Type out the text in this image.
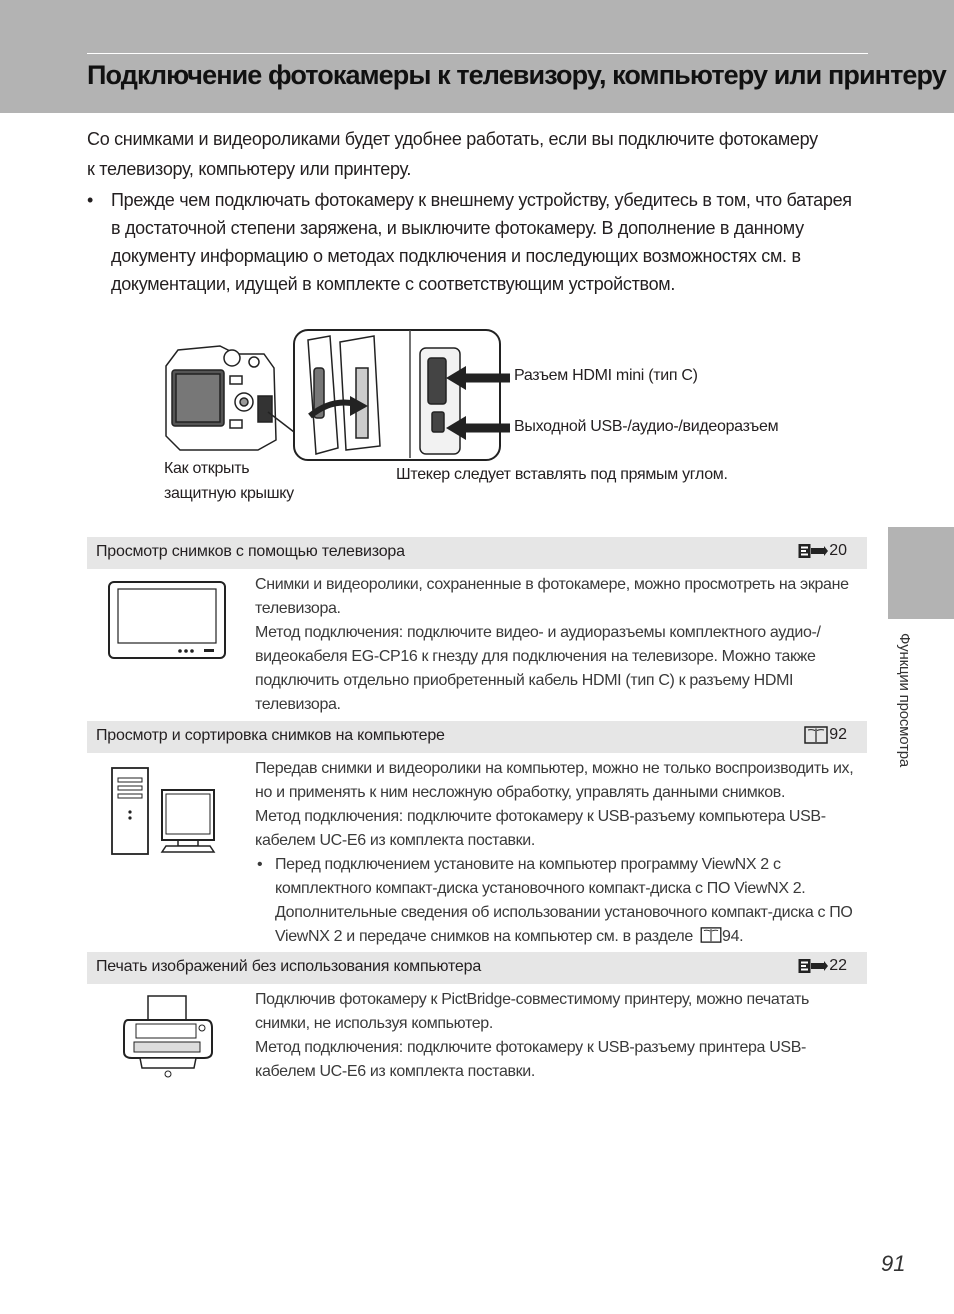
Подключение фотокамеры к телевизору, компьютеру или принтеру
Со снимками и видеороликами будет удобнее работать, если вы подключите фотокамеру
к телевизору, компьютеру или принтеру.
• Прежде чем подключать фотокамеру к внешнему устройству, убедитесь в том, что батарея в достаточной степени заряжена, и выключите фотокамеру. В дополнение в данному документу информацию о методах подключения и последующих возможностях см. в документации, идущей в комплекте с соответствующим устройством.
Разъем HDMI mini (тип C)
Выходной USB-/аудио-/видеоразъем
Как открыть
защитную крышку
Штекер следует вставлять под прямым углом.
Просмотр снимков с помощью телевизора	20

Снимки и видеоролики, сохраненные в фотокамере, можно просмотреть на экране телевизора.

Метод подключения: подключите видео- и аудиоразъемы комплектного аудио-/видеокабеля EG-CP16 к гнезду для подключения на телевизоре. Можно также подключить отдельно приобретенный кабель HDMI (тип C) к разъему HDMI телевизора.

Просмотр и сортировка снимков на компьютере	92

Передав снимки и видеоролики на компьютер, можно не только воспроизводить их, но и применять к ним несложную обработку, управлять данными снимков.

Метод подключения: подключите фотокамеру к USB-разъему компьютера USB-кабелем UC-E6 из комплекта поставки.

• Перед подключением установите на компьютер программу ViewNX 2 с комплектного компакт-диска установочного компакт-диска с ПО ViewNX 2. Дополнительные сведения об использовании установочного компакт-диска с ПО ViewNX 2 и передаче снимков на компьютер см. в разделе 94.
Печать изображений без использования компьютера	22

Подключив фотокамеру к PictBridge-совместимому принтеру, можно печатать снимки, не используя компьютер.

Метод подключения: подключите фотокамеру к USB-разъему принтера USB-кабелем UC-E6 из комплекта поставки.

Функции просмотра
91
